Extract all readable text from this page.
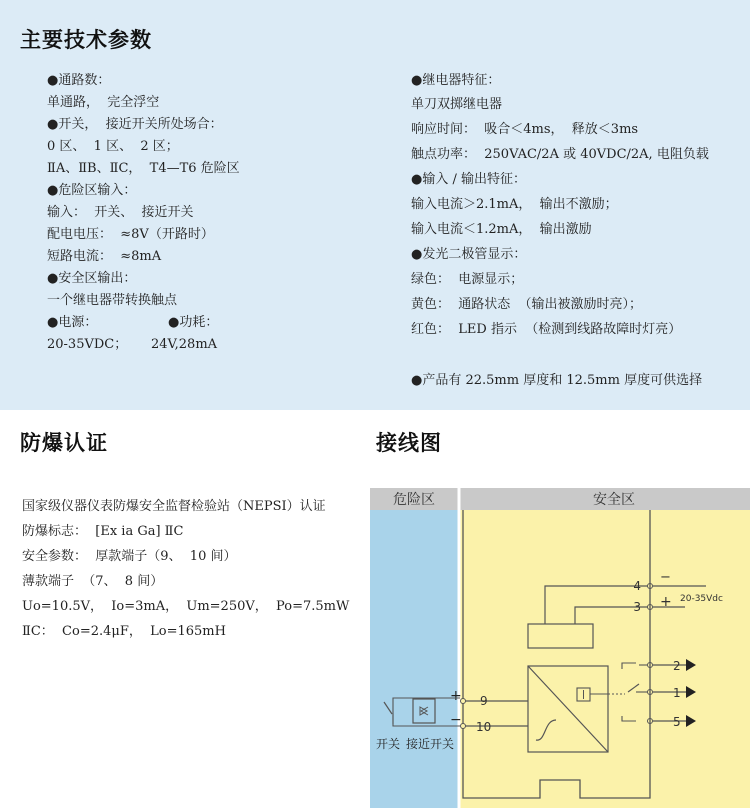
主要技术参数
●通路数：
单通路，  完全浮空
●开关，  接近开关所处场合：
0 区、  1 区、  2 区；
ⅡA、ⅡB、ⅡC，  T4—T6 危险区
●危险区输入：
输入：  开关、  接近开关
配电电压：  ≈8V（开路时）
短路电流：  ≈8mA
●安全区输出：
一个继电器带转换触点
●电源：
20-35VDC；
●功耗：
24V,28mA
●继电器特征：
单刀双掷继电器
响应时间：  吸合＜4ms，  释放＜3ms
触点功率：  250VAC/2A 或 40VDC/2A, 电阻负载
●输入 / 输出特征：
输入电流＞2.1mA，  输出不激励；
输入电流＜1.2mA，  输出激励
●发光二极管显示：
绿色：  电源显示；
黄色：  通路状态  （输出被激励时亮）；
红色：  LED 指示  （检测到线路故障时灯亮）
●产品有 22.5mm 厚度和 12.5mm 厚度可供选择
防爆认证
国家级仪器仪表防爆安全监督检验站（NEPSI）认证
防爆标志：  [Ex ia Ga] ⅡC
安全参数：  厚款端子（9、  10 间）
薄款端子  （7、  8 间）
Uo=10.5V，  Io=3mA，  Um=250V，  Po=7.5mW
ⅡC：  Co=2.4μF，  Lo=165mH
接线图
危险区	安全区
4
3
−
+ 20-35Vdc
2
1
5
9
10
+
−
开关 接近开关
